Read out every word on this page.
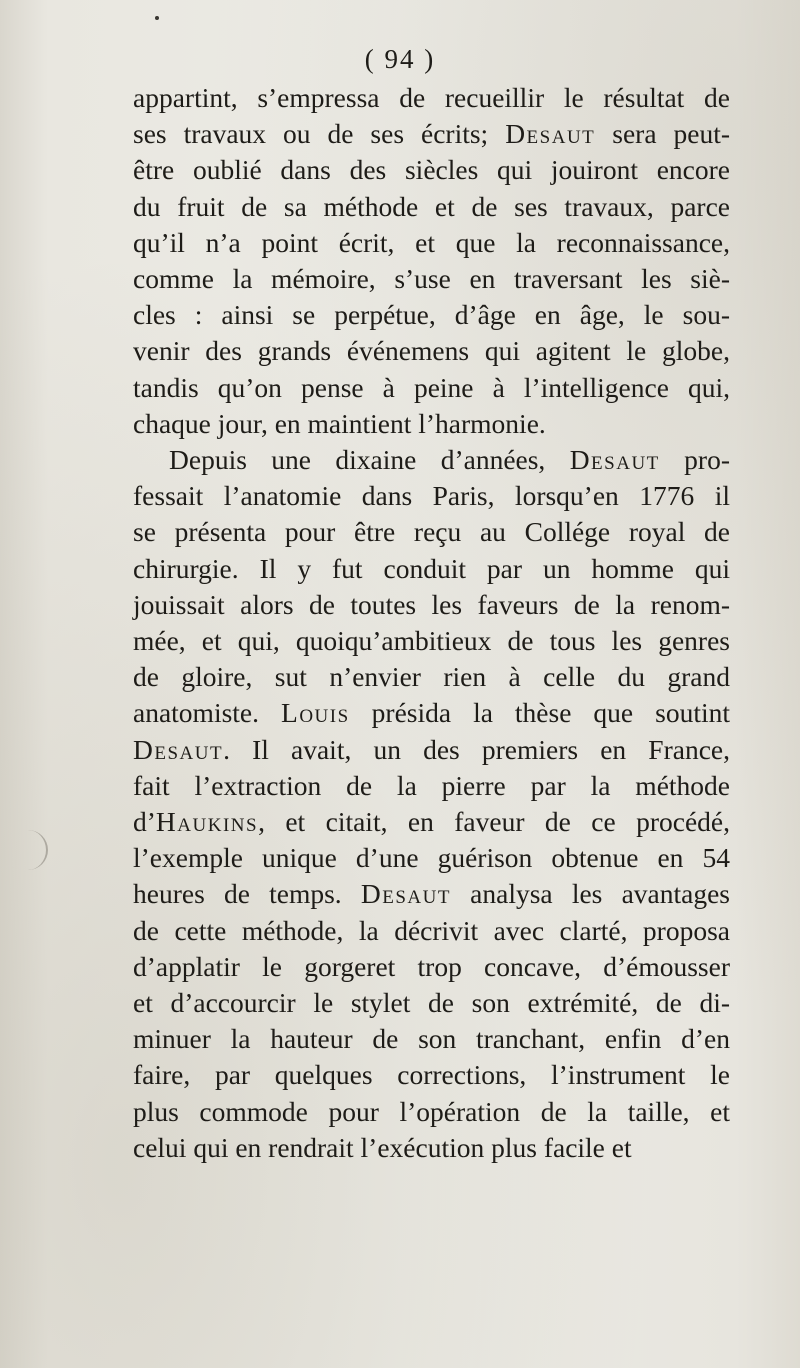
( 94 )
appartint, s’empressa de recueillir le résultat de
ses travaux ou de ses écrits; Desaut sera peut-
être oublié dans des siècles qui jouiront encore
du fruit de sa méthode et de ses travaux, parce
qu’il n’a point écrit, et que la reconnaissance,
comme la mémoire, s’use en traversant les siè-
cles : ainsi se perpétue, d’âge en âge, le sou-
venir des grands événemens qui agitent le globe,
tandis qu’on pense à peine à l’intelligence qui,
chaque jour, en maintient l’harmonie.
Depuis une dixaine d’années, Desaut pro-
fessait l’anatomie dans Paris, lorsqu’en 1776 il
se présenta pour être reçu au Collége royal de
chirurgie. Il y fut conduit par un homme qui
jouissait alors de toutes les faveurs de la renom-
mée, et qui, quoiqu’ambitieux de tous les genres
de gloire, sut n’envier rien à celle du grand
anatomiste. Louis présida la thèse que soutint
Desaut. Il avait, un des premiers en France,
fait l’extraction de la pierre par la méthode
d’Haukins, et citait, en faveur de ce procédé,
l’exemple unique d’une guérison obtenue en 54
heures de temps. Desaut analysa les avantages
de cette méthode, la décrivit avec clarté, proposa
d’applatir le gorgeret trop concave, d’émousser
et d’accourcir le stylet de son extrémité, de di-
minuer la hauteur de son tranchant, enfin d’en
faire, par quelques corrections, l’instrument le
plus commode pour l’opération de la taille, et
celui qui en rendrait l’exécution plus facile et
